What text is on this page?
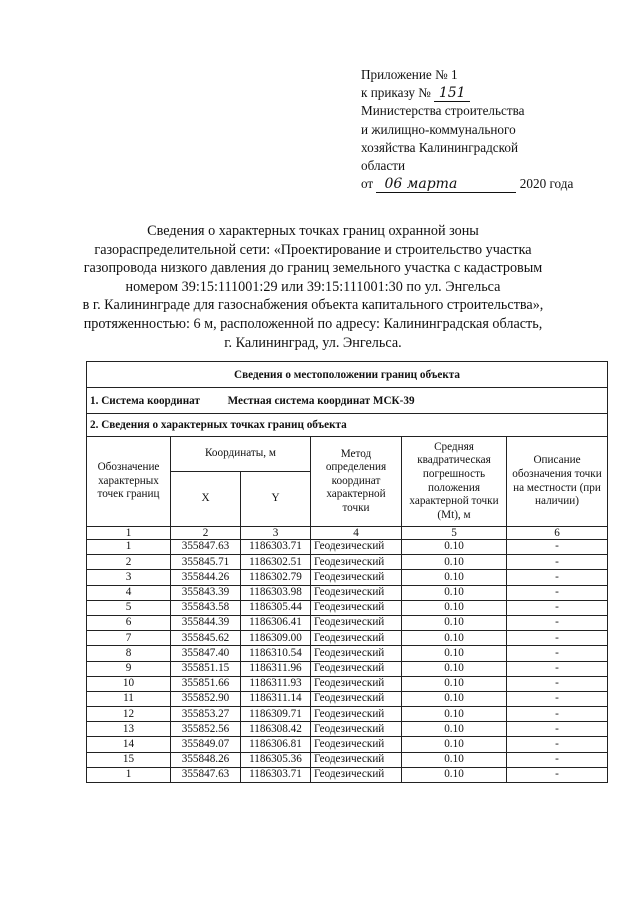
Приложение № 1
к приказу № 151
Министерства строительства
и жилищно-коммунального
хозяйства Калининградской
области
от 06 марта	2020 года
Сведения о характерных точках границ охранной зоны
газораспределительной сети: «Проектирование и строительство участка
газопровода низкого давления до границ земельного участка с кадастровым
номером 39:15:111001:29 или 39:15:111001:30 по ул. Энгельса
в г. Калининграде для газоснабжения объекта капитального строительства»,
протяженностью: 6 м, расположенной по адресу: Калининградская область,
г. Калининград, ул. Энгельса.
Сведения о местоположении границ объекта					
1. Система координат Местная система координат МСК-39					
2. Сведения о характерных точках границ объекта					
Обозначение характерных точек границ	Координаты, м		Метод определения координат характерной точки	Средняя квадратическая погрешность положения характерной точки (Mt), м	Описание обозначения точки на местности (при наличии)
	X	Y			
1	2	3	4	5	6
1	355847.63	1186303.71	Геодезический	0.10	-
2	355845.71	1186302.51	Геодезический	0.10	-
3	355844.26	1186302.79	Геодезический	0.10	-
4	355843.39	1186303.98	Геодезический	0.10	-
5	355843.58	1186305.44	Геодезический	0.10	-
6	355844.39	1186306.41	Геодезический	0.10	-
7	355845.62	1186309.00	Геодезический	0.10	-
8	355847.40	1186310.54	Геодезический	0.10	-
9	355851.15	1186311.96	Геодезический	0.10	-
10	355851.66	1186311.93	Геодезический	0.10	-
11	355852.90	1186311.14	Геодезический	0.10	-
12	355853.27	1186309.71	Геодезический	0.10	-
13	355852.56	1186308.42	Геодезический	0.10	-
14	355849.07	1186306.81	Геодезический	0.10	-
15	355848.26	1186305.36	Геодезический	0.10	-
1	355847.63	1186303.71	Геодезический	0.10	-
